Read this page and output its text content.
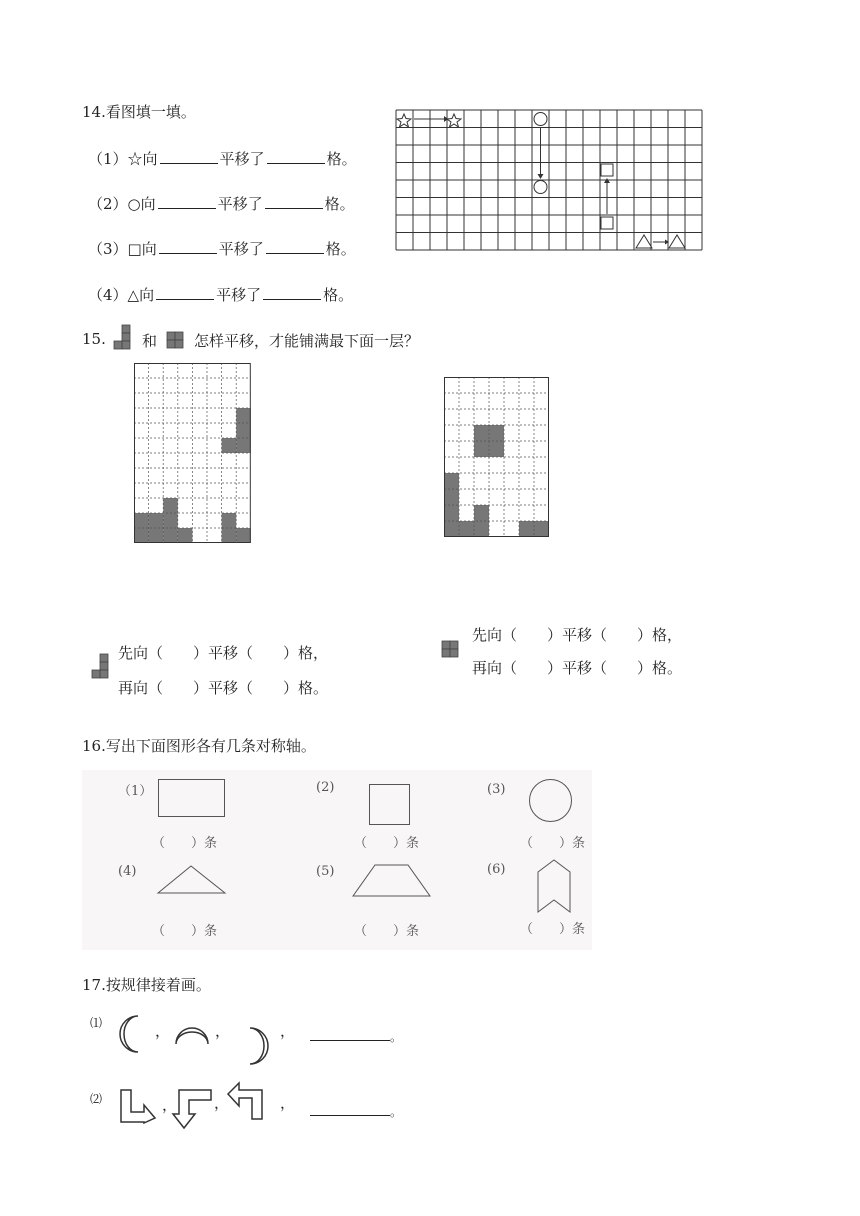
14.看图填一填。
（1）☆向	平移了	格。
（2）○向	平移了	格。
（3）□向	平移了	格。
（4）△向	平移了	格。
15. 和 怎样平移，才能铺满最下面一层？
先向（　　）平移（　　）格，
再向（　　）平移（　　）格。
先向（　　）平移（　　）格，
再向（　　）平移（　　）格。
16.写出下面图形各有几条对称轴。
（1）
（　　）条
(2)
（　　）条
(3)
（　　）条
(4)
（　　）条
(5)
（　　）条
(6)
（　　）条
17.按规律接着画。
⑴	，	，	，	。
⑵	， ，	，	。
